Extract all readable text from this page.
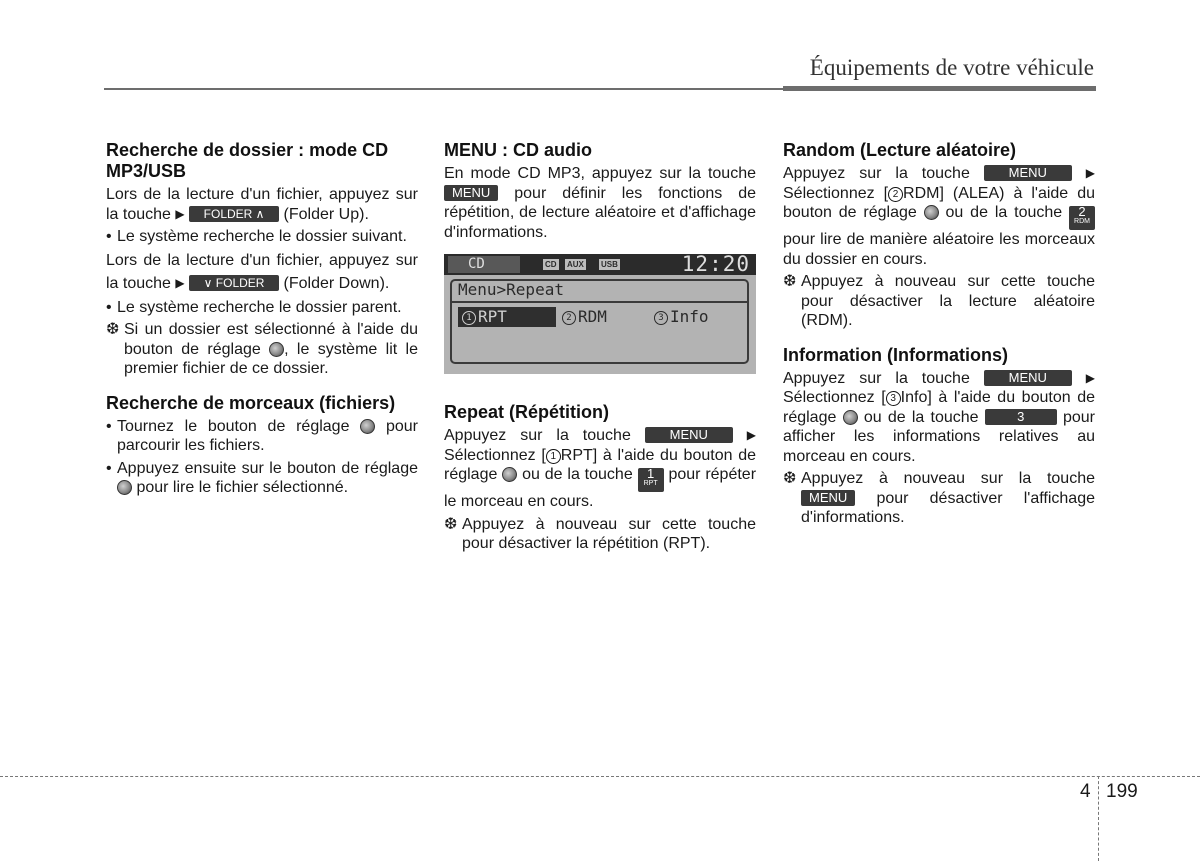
Équipements de votre véhicule
Recherche de dossier : mode CD MP3/USB

Lors de la lecture d'un fichier, appuyez sur la touche ▶ FOLDER ∧ (Folder Up).

• Le système recherche le dossier suivant.

Lors de la lecture d'un fichier, appuyez sur la touche ▶ ∨ FOLDER (Folder Down).

• Le système recherche le dossier parent.
❆ Si un dossier est sélectionné à l'aide du bouton de réglage , le système lit le premier fichier de ce dossier.
Recherche de morceaux (fichiers)
• Tournez le bouton de réglage pour parcourir les fichiers.
• Appuyez ensuite sur le bouton de réglage  pour lire le fichier sélectionné.
MENU : CD audio

En mode CD MP3, appuyez sur la touche MENU pour définir les fonctions de répétition, de lecture aléatoire et d'affichage d'informations.

CD	CD AUX USB	12:20
Menu>Repeat
1 RPT	2 RDM	3 Info
Repeat (Répétition)

Appuyez sur la touche	MENU	▶ Sélectionnez [ 1 RPT] à l'aide du bouton de réglage ou de la touche 1
RPT
pour répéter le morceau en cours.

❆ Appuyez à nouveau sur cette touche pour désactiver la répétition (RPT).
Random (Lecture aléatoire)

Appuyez sur la touche	MENU	▶ Sélectionnez [ 2 RDM] (ALEA) à l'aide du bouton de réglage ou de la touche 2
RDM
pour lire de manière aléatoire les morceaux du dossier en cours.

❆ Appuyez à nouveau sur cette touche pour désactiver la lecture aléatoire (RDM).
Information (Informations)

Appuyez sur la touche	MENU	▶ Sélectionnez [ 3 Info] à l'aide du bouton de réglage ou de la touche	3 pour afficher les informations relatives au morceau en cours.

❆ Appuyez à nouveau sur la touche MENU pour désactiver l'affichage d'informations.
4 199
